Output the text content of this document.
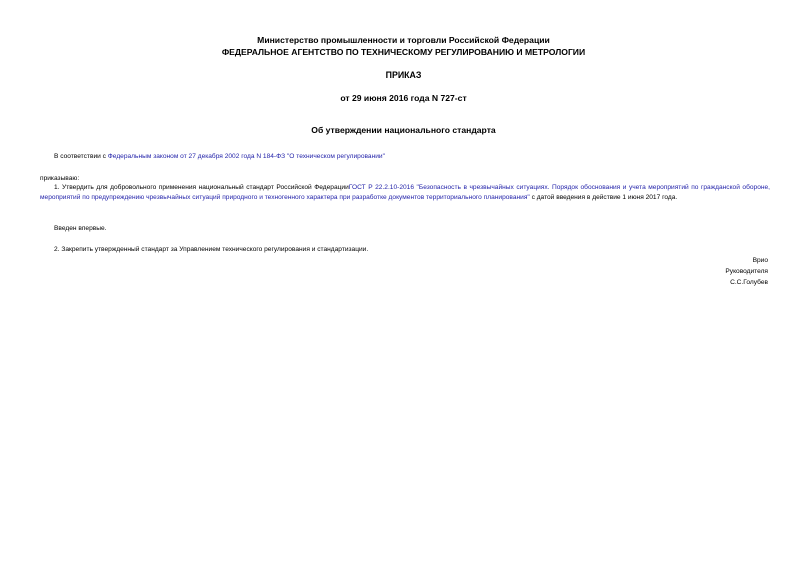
Министерство промышленности и торговли Российской Федерации
ФЕДЕРАЛЬНОЕ АГЕНТСТВО ПО ТЕХНИЧЕСКОМУ РЕГУЛИРОВАНИЮ И МЕТРОЛОГИИ
ПРИКАЗ
от 29 июня 2016 года N 727-ст
Об утверждении национального стандарта
В соответствии с Федеральным законом от 27 декабря 2002 года N 184-ФЗ "О техническом регулировании"
приказываю:
1. Утвердить для добровольного применения национальный стандарт Российской ФедерацииГОСТ Р 22.2.10-2016 "Безопасность в чрезвычайных ситуациях. Порядок обоснования и учета мероприятий по гражданской обороне, мероприятий по предупреждению чрезвычайных ситуаций природного и техногенного характера при разработке документов территориального планирования" с датой введения в действие 1 июня 2017 года.
Введен впервые.
2. Закрепить утвержденный стандарт за Управлением технического регулирования и стандартизации.
Врио
Руководителя
С.С.Голубев
